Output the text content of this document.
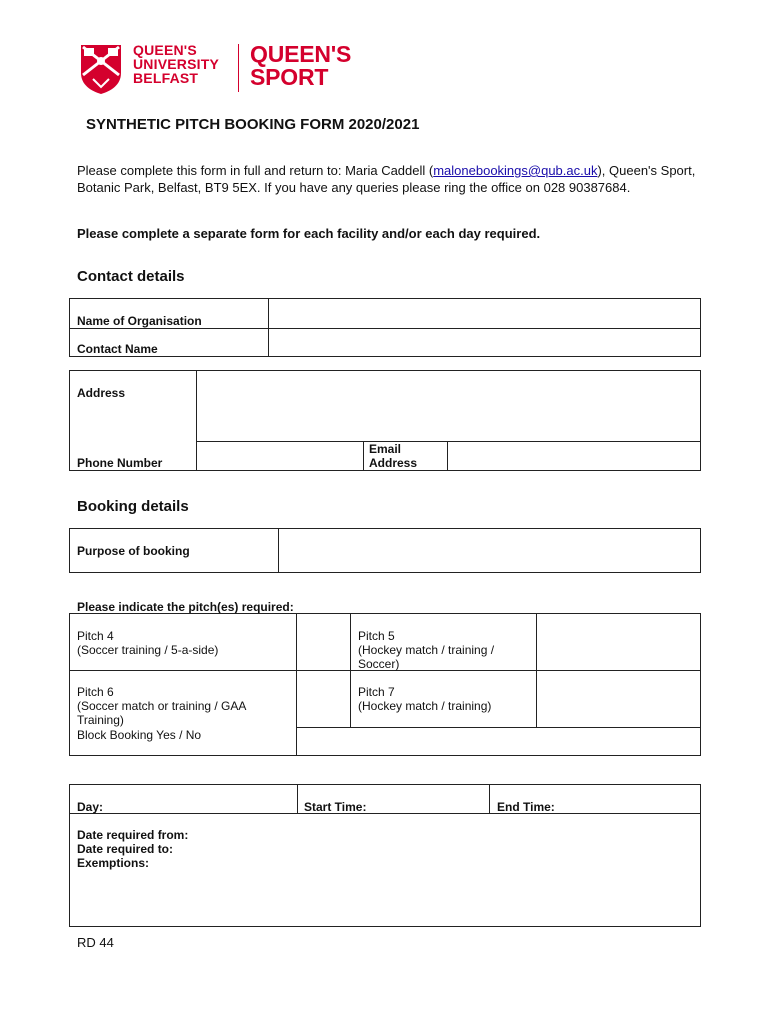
QUEEN'S
UNIVERSITY
BELFAST
QUEEN'S
SPORT
SYNTHETIC PITCH BOOKING FORM 2020/2021
Please complete this form in full and return to: Maria Caddell (malonebookings@qub.ac.uk), Queen's Sport, Botanic Park, Belfast, BT9 5EX. If you have any queries please ring the office on 028 90387684.
Please complete a separate form for each facility and/or each day required.
Contact details
Name of Organisation
Contact Name
Address
Phone Number
Email
Address
Booking details
Purpose of booking
Please indicate the pitch(es) required:
Pitch 4
(Soccer training / 5-a-side)
Pitch 5
(Hockey match / training /
Soccer)
Pitch 6
(Soccer match or training / GAA
Training)
Block Booking Yes / No
Pitch 7
(Hockey match / training)
Day:	Start Time:	End Time:
Date required from:
Date required to:
Exemptions:
RD 44
